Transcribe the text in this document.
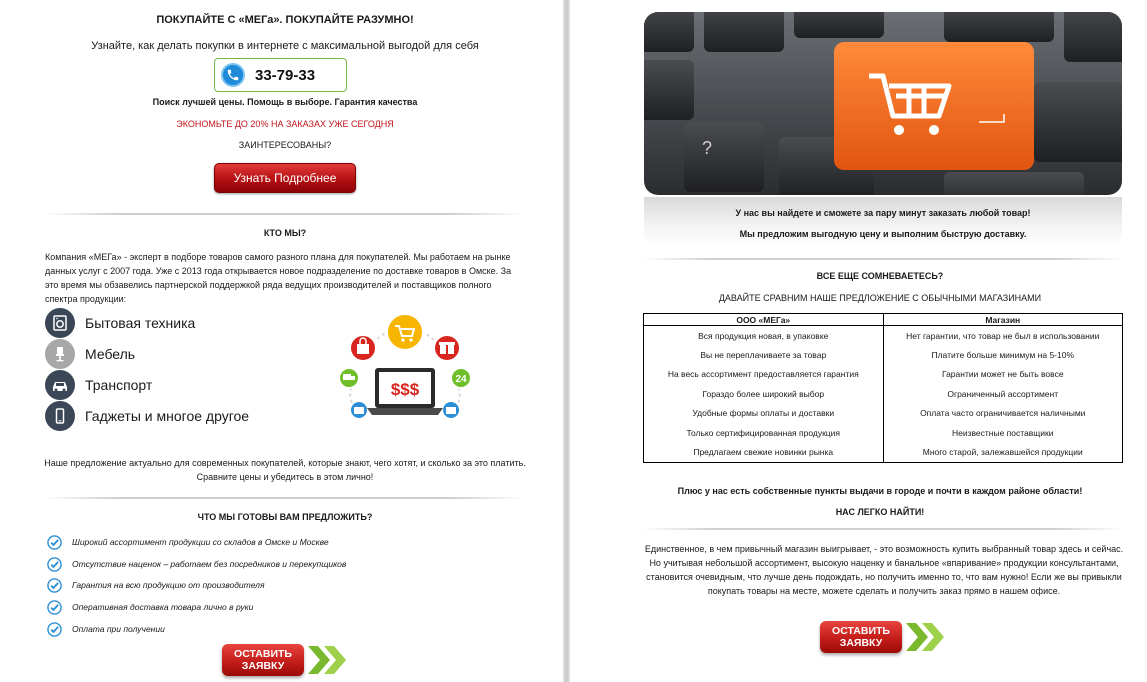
ПОКУПАЙТЕ С «МЕГа». ПОКУПАЙТЕ РАЗУМНО!
Узнайте, как делать покупки в интернете с максимальной выгодой для себя
33-79-33
Поиск лучшей цены. Помощь в выборе. Гарантия качества
ЭКОНОМЬТЕ ДО 20% НА ЗАКАЗАХ УЖЕ СЕГОДНЯ
ЗАИНТЕРЕСОВАНЫ?
Узнать Подробнее
КТО МЫ?
Компания «МЕГа» - эксперт в подборе товаров самого разного плана для покупателей. Мы работаем на рынке данных услуг с 2007 года. Уже с 2013 года открывается новое подразделение по доставке товаров в Омске. За это время мы обзавелись партнерской поддержкой ряда ведущих производителей и поставщиков полного спектра продукции:
Бытовая техника
Мебель
Транспорт
Гаджеты и многое другое
24
$$$
Наше предложение актуально для современных покупателей, которые знают, чего хотят, и сколько за это платить. Сравните цены и убедитесь в этом лично!
ЧТО МЫ ГОТОВЫ ВАМ ПРЕДЛОЖИТЬ?
Широкий ассортимент продукции со складов в Омске и Москве
Отсутствие наценок – работаем без посредников и перекупщиков
Гарантия на всю продукцию от производителя
Оперативная доставка товара лично в руки
Оплата при получении
ОСТАВИТЬ
ЗАЯВКУ
?
У нас вы найдете и сможете за пару минут заказать любой товар!
Мы предложим выгодную цену и выполним быструю доставку.
ВСЕ ЕЩЕ СОМНЕВАЕТЕСЬ?
ДАВАЙТЕ СРАВНИМ НАШЕ ПРЕДЛОЖЕНИЕ С ОБЫЧНЫМИ МАГАЗИНАМИ
ООО «МЕГа»	Магазин
Вся продукция новая, в упаковке	Нет гарантии, что товар не был в использовании
Вы не переплачиваете за товар	Платите больше минимум на 5-10%
На весь ассортимент предоставляется гарантия	Гарантии может не быть вовсе
Гораздо более широкий выбор	Ограниченный ассортимент
Удобные формы оплаты и доставки	Оплата часто ограничивается наличными
Только сертифицированная продукция	Неизвестные поставщики
Предлагаем свежие новинки рынка	Много старой, залежавшейся продукции
Плюс у нас есть собственные пункты выдачи в городе и почти в каждом районе области!
НАС ЛЕГКО НАЙТИ!
Единственное, в чем привычный магазин выигрывает, - это возможность купить выбранный товар здесь и сейчас. Но учитывая небольшой ассортимент, высокую наценку и банальное «впаривание» продукции консультантами, становится очевидным, что лучше день подождать, но получить именно то, что вам нужно! Если же вы привыкли покупать товары на месте, можете сделать и получить заказ прямо в нашем офисе.
ОСТАВИТЬ
ЗАЯВКУ
